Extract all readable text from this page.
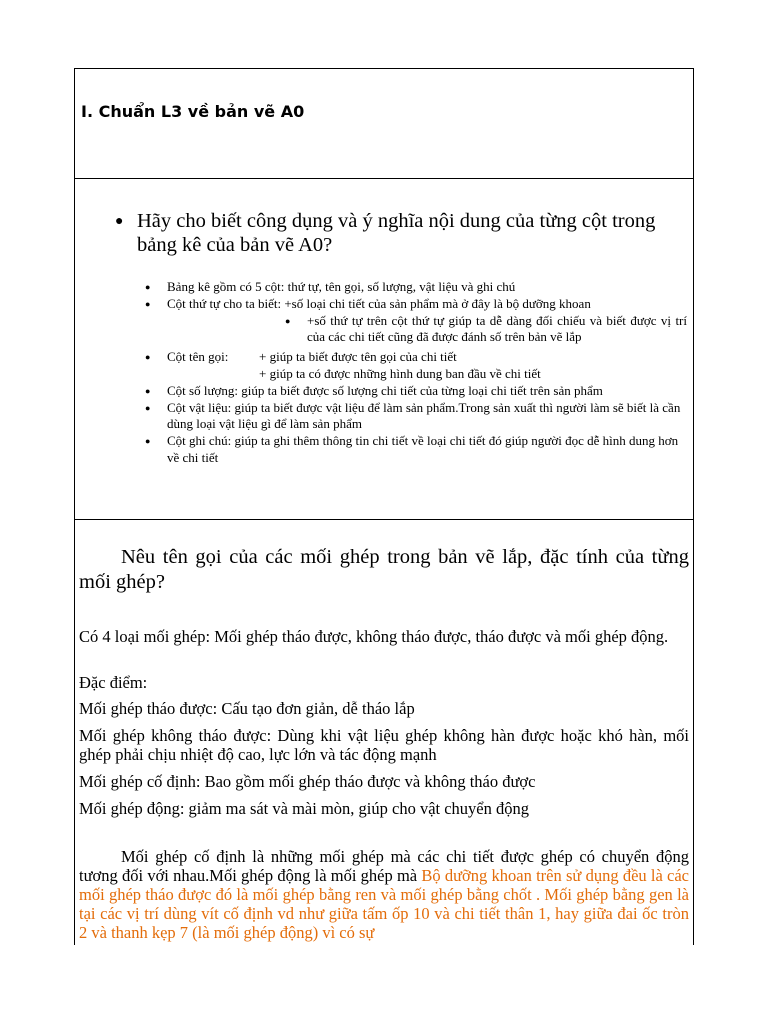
I. Chuẩn L3 về bản vẽ A0
● Hãy cho biết công dụng và ý nghĩa nội dung của từng cột trong bảng kê của bản vẽ A0?
● Bảng kê gồm có 5 cột: thứ tự, tên gọi, số lượng, vật liệu và ghi chú
● Cột thứ tự cho ta biết: +số loại chi tiết của sản phẩm mà ở đây là bộ dưỡng khoan
● +số thứ tự trên cột thứ tự giúp ta dễ dàng đối chiếu và biết được vị trí của các chi tiết cũng đã được đánh số trên bản vẽ lắp
● Cột tên gọi: + giúp ta biết được tên gọi của chi tiết
+ giúp ta có được những hình dung ban đầu về chi tiết
● Cột số lượng: giúp ta biết được số lượng chi tiết của từng loại chi tiết trên sản phẩm
● Cột vật liệu: giúp ta biết được vật liệu để làm sản phẩm.Trong sản xuất thì người làm sẽ biết là cần dùng loại vật liệu gì để làm sản phẩm
● Cột ghi chú: giúp ta ghi thêm thông tin chi tiết về loại chi tiết đó giúp người đọc dễ hình dung hơn về chi tiết
Nêu tên gọi của các mối ghép trong bản vẽ lắp, đặc tính của từng mối ghép?
Có 4 loại mối ghép: Mối ghép tháo được, không tháo được, tháo được và mối ghép động.
Đặc điểm:
Mối ghép tháo được: Cấu tạo đơn giản, dễ tháo lắp
Mối ghép không tháo được: Dùng khi vật liệu ghép không hàn được hoặc khó hàn, mối ghép phải chịu nhiệt độ cao, lực lớn và tác động mạnh
Mối ghép cố định: Bao gồm mối ghép tháo được và không tháo được
Mối ghép động: giảm ma sát và mài mòn, giúp cho vật chuyển động
Mối ghép cố định là những mối ghép mà các chi tiết được ghép có chuyển động tương đối với nhau.Mối ghép động là mối ghép mà Bộ dưỡng khoan trên sử dụng đều là các mối ghép tháo được đó là mối ghép bằng ren và mối ghép bằng chốt . Mối ghép bằng gen là tại các vị trí dùng vít cố định vd như giữa tấm ốp 10 và chi tiết thân 1, hay giữa đai ốc tròn 2 và thanh kẹp 7 (là mối ghép động) vì có sự
